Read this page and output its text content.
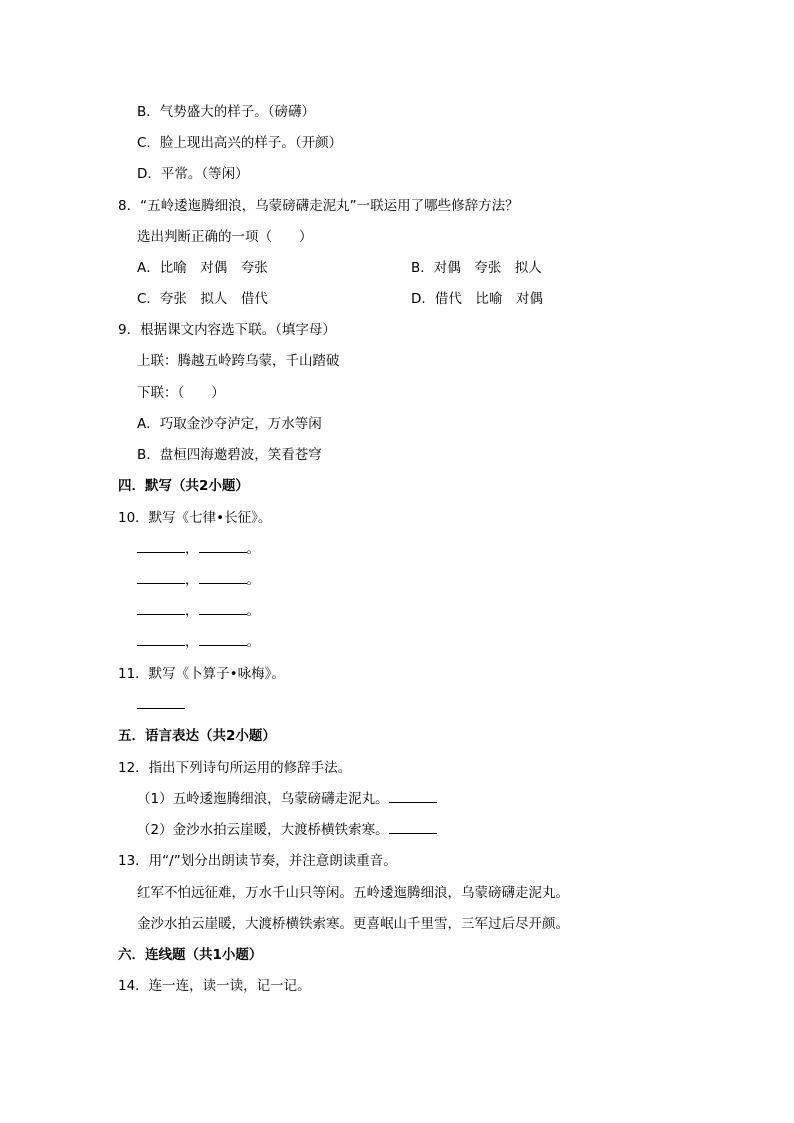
B．气势盛大的样子。（磅礴）
C．脸上现出高兴的样子。（开颜）
D．平常。（等闲）
8．“五岭逶迤腾细浪，乌蒙磅礴走泥丸”一联运用了哪些修辞方法？
选出判断正确的一项（　　）
A．比喻　对偶　夸张	B．对偶　夸张　拟人
C．夸张　拟人　借代	D．借代　比喻　对偶
9．根据课文内容选下联。（填字母）
上联：腾越五岭跨乌蒙，千山踏破
下联：（　　）
A．巧取金沙夺泸定，万水等闲
B．盘桓四海邀碧波，笑看苍穹
四．默写（共2小题）
10．默写《七律•长征》。
，	。
，	。
，	。
，	。
11．默写《卜算子•咏梅》。
五．语言表达（共2小题）
12．指出下列诗句所运用的修辞手法。
（1）五岭逶迤腾细浪，乌蒙磅礴走泥丸。
（2）金沙水拍云崖暖，大渡桥横铁索寒。
13．用“/”划分出朗读节奏，并注意朗读重音。
红军不怕远征难，万水千山只等闲。五岭逶迤腾细浪，乌蒙磅礴走泥丸。
金沙水拍云崖暖，大渡桥横铁索寒。更喜岷山千里雪，三军过后尽开颜。
六．连线题（共1小题）
14．连一连，读一读，记一记。
